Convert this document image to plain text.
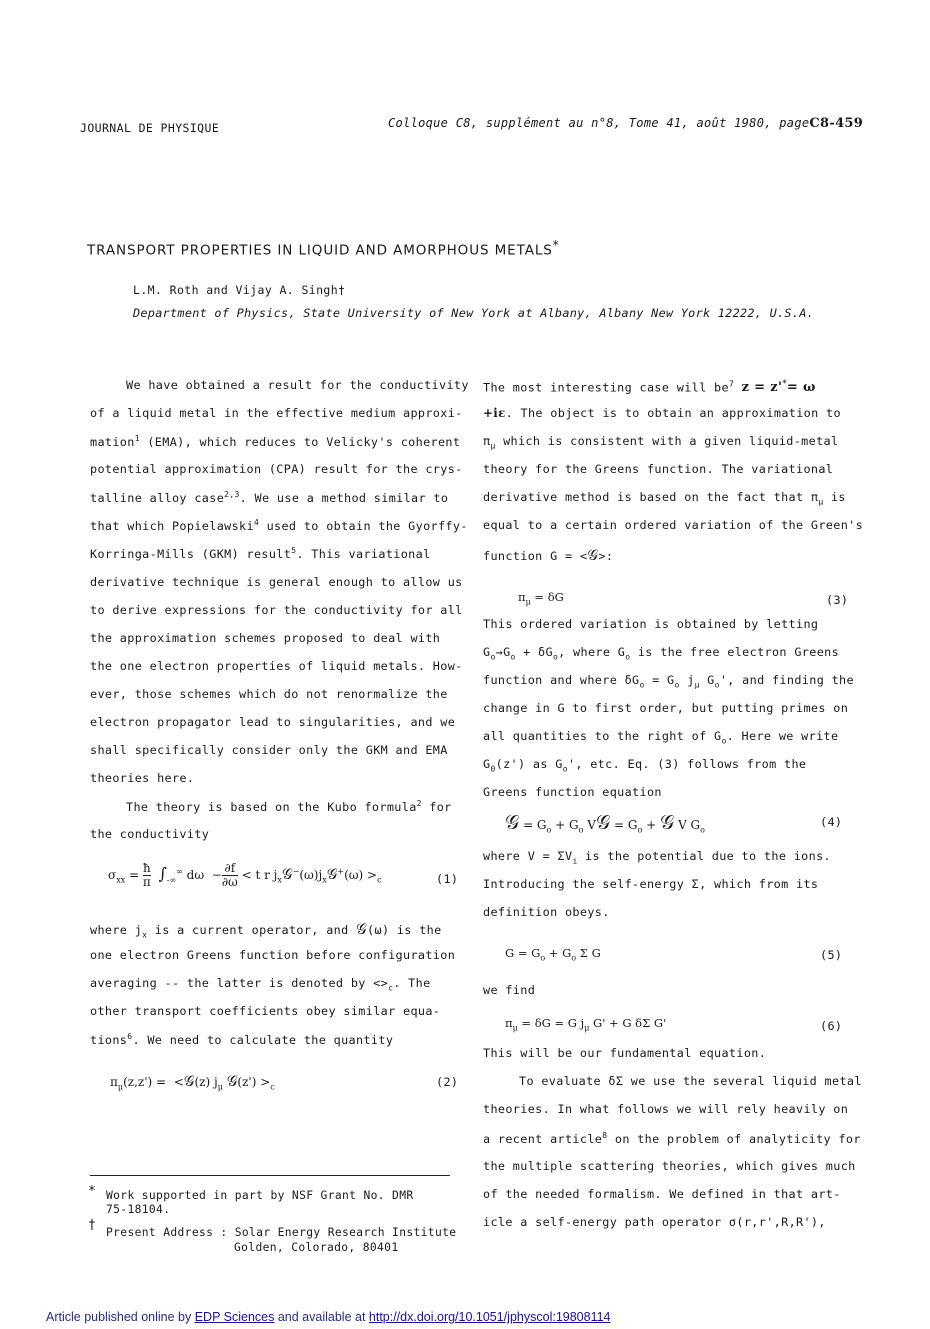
JOURNAL DE PHYSIQUE	Colloque C8, supplément au n°8, Tome 41, août 1980, pageC8-459
TRANSPORT PROPERTIES IN LIQUID AND AMORPHOUS METALS*
L.M. Roth and Vijay A. Singh†
Department of Physics, State University of New York at Albany, Albany New York 12222, U.S.A.
We have obtained a result for the conductivity
of a liquid metal in the effective medium approxi-
mation$^1$ (EMA), which reduces to Velicky's coherent
potential approximation (CPA) result for the crys-
talline alloy case$^{2,3}$. We use a method similar to
that which Popielawski$^4$ used to obtain the Gyorffy-
Korringa-Mills (GKM) result$^5$. This variational
derivative technique is general enough to allow us
to derive expressions for the conductivity for all
the approximation schemes proposed to deal with
the one electron properties of liquid metals. How-
ever, those schemes which do not renormalize the
electron propagator lead to singularities, and we
shall specifically consider only the GKM and EMA
theories here.
The theory is based on the Kubo formula$^2$ for
the conductivity
$\sigma_{xx} = \frac{ħ}{\pi} \int_{-\infty}^\infty$ $d\omega - \frac{\partial f}{\partial\omega} < t$ r $j_x𝒢^-(\omega)j_x𝒢^+(\omega) >_c$	(1)
where $j_x$ is a current operator, and 𝒢(ω) is the
one electron Greens function before configuration
averaging -- the latter is denoted by $<>_c$. The
other transport coefficients obey similar equa-
tions$^6$. We need to calculate the quantity
$\pi_\mu(z,z')$ =  <𝒢(z) $j_\mu$ 𝒢(z') $>_c$	(2)
* Work supported in part by NSF Grant No. DMR
75-18104.
† Present Address : Solar Energy Research Institute
Golden, Colorado, 80401
The most interesting case will $be^7$ z = z'*= ω
+iε. The object is to obtain an approximation to
$\pi_\mu$ which is consistent with a given liquid-metal
theory for the Greens function. The variational
derivative method is based on the fact that $\pi_\mu$ is
equal to a certain ordered variation of the Green's
function G = <𝒢>:
$\pi_\mu = \delta G$	(3)
This ordered variation is obtained by letting
$G_o\to G_o + \delta G_o$, where $G_o$ is the free electron Greens
function and where $\delta G_o = G_o$ $j_\mu$ $G_o'$, and finding the
change in G to first order, but putting primes on
all quantities to the right of $G_o$. Here we write
$G_0(z')$ as $G_o'$, etc. Eq. (3) follows from the
Greens function equation
𝒢 = $G_o + G_o$ V𝒢 = $G_o$ + 𝒢 V $G_o$
(4)
where $V = \Sigma V_i$ is the potential due to the ions.
Introducing the self-energy Σ, which from its
definition obeys.
$G = G_o + G_o$ Σ G	(5)
we find
$\pi_\mu = \delta G = G$ $j_\mu$ G' + G δΣ G'	(6)
This will be our fundamental equation.
To evaluate δΣ we use the several liquid metal
theories. In what follows we will rely heavily on
a recent article$^8$ on the problem of analyticity for
the multiple scattering theories, which gives much
of the needed formalism. We defined in that art-
icle a self-energy path operator σ(r,r',R,R'),
Article published online by EDP Sciences and available at http://dx.doi.org/10.1051/jphyscol:19808114
